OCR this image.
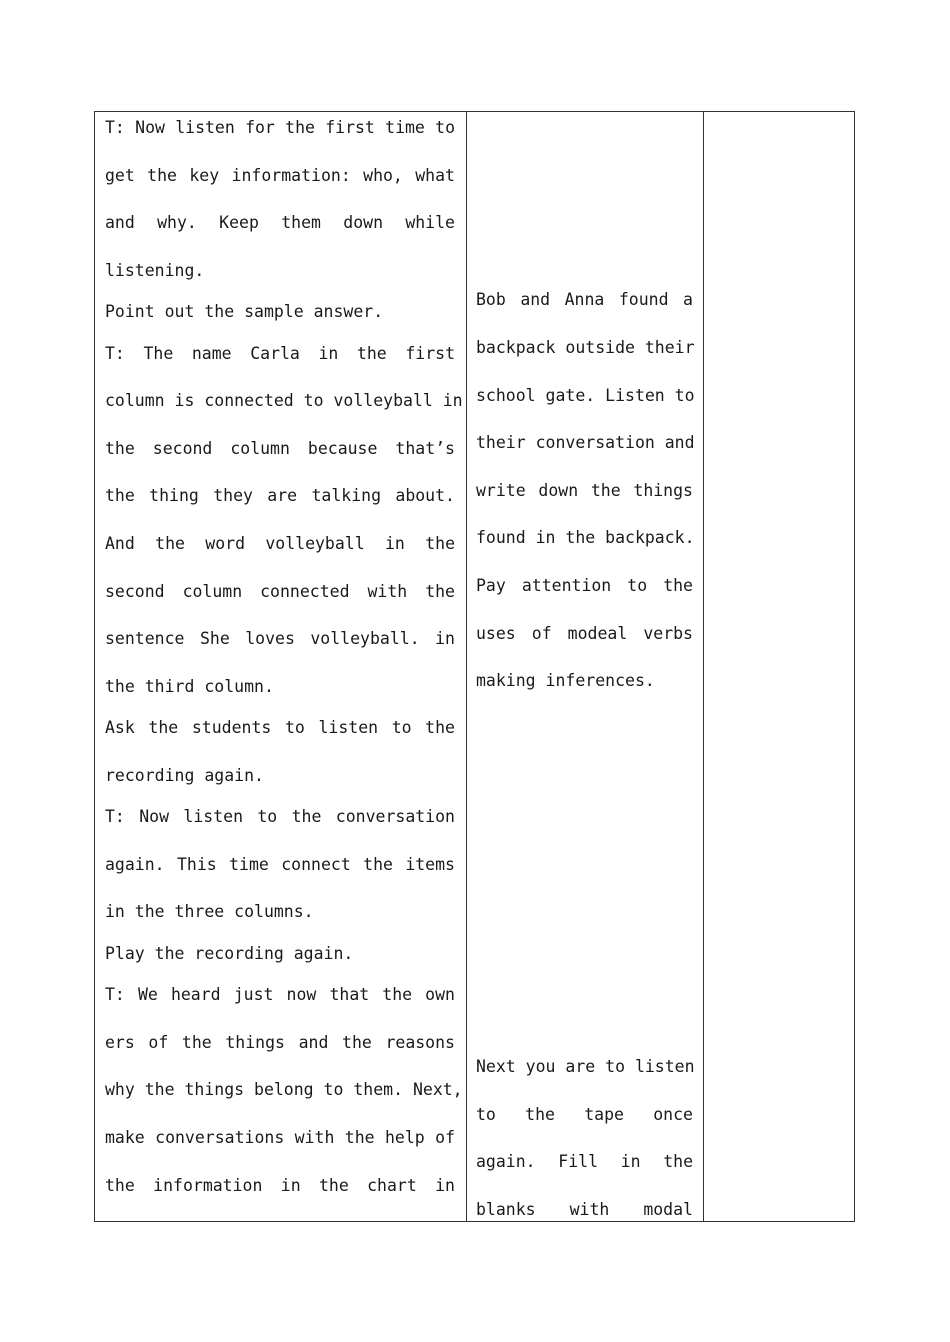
T: Now listen for the first time to
get the key information: who, what
and why. Keep them down while
listening.
Point out the sample answer.
T: The name Carla in the first
column is connected to volleyball in
the second column because that’s
the thing they are talking about.
And the word volleyball in the
second column connected with the
sentence She loves volleyball. in
the third column.
Ask the students to listen to the
recording again.
T: Now listen to the conversation
again. This time connect the items
in the three columns.
Play the recording again.
T: We heard just now that the own
ers of the things and the reasons
why the things belong to them. Next,
make conversations with the help of
the information in the chart in
Bob and Anna found a
backpack outside their
school gate. Listen to
their conversation and
write down the things
found in the backpack.
Pay attention to the
uses of modeal verbs
making inferences.
Next you are to listen
to the tape once
again. Fill in the
blanks with modal
